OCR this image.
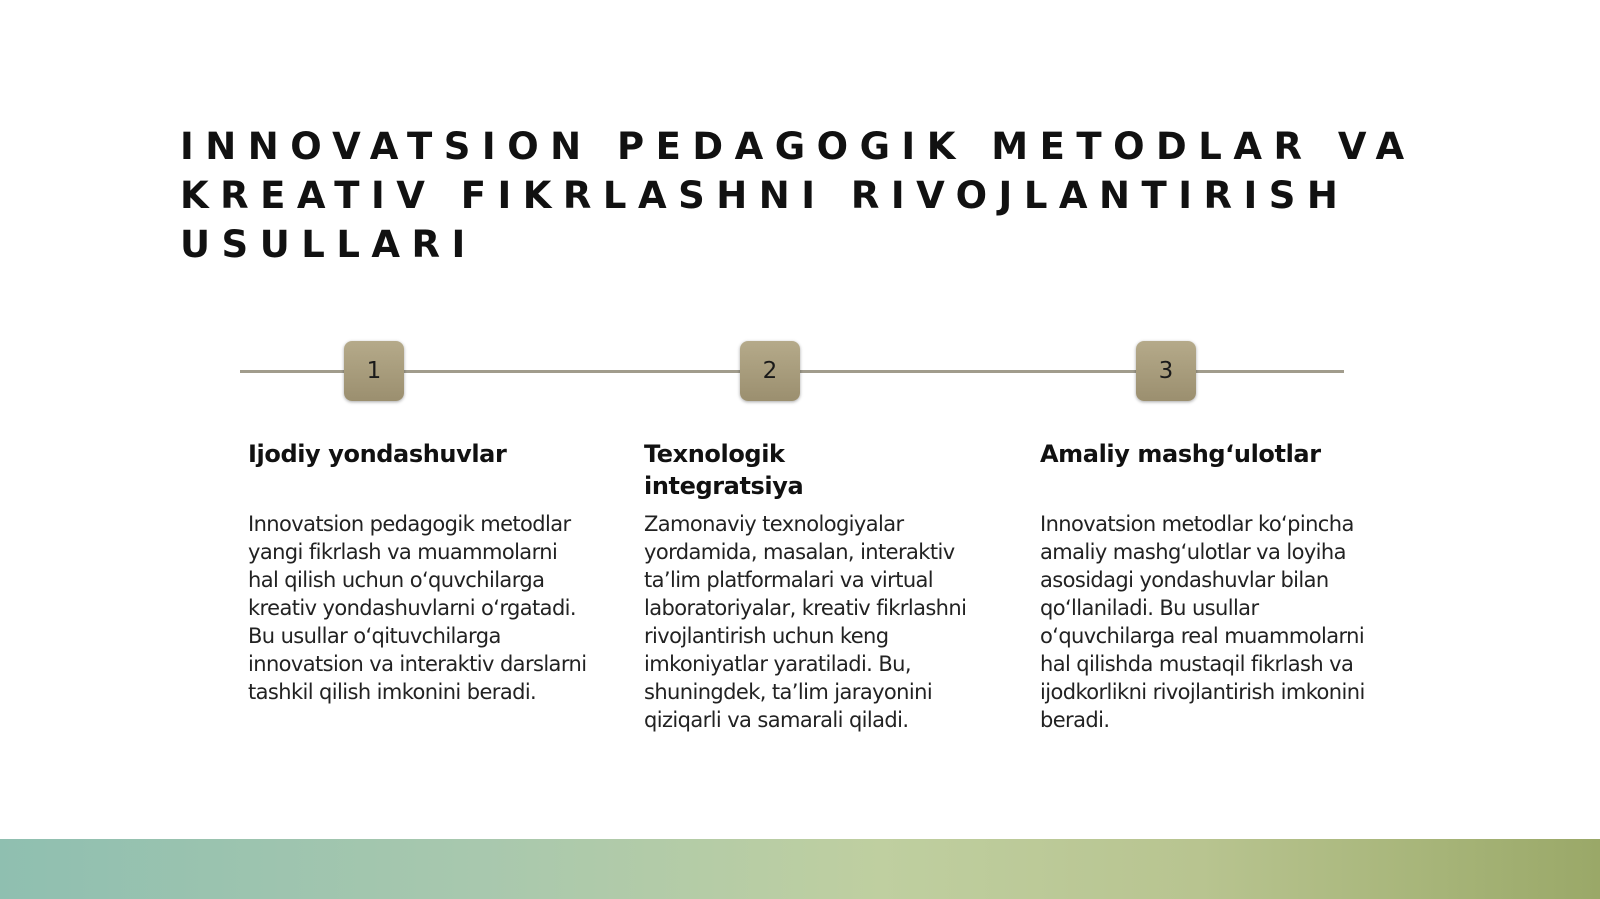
INNOVATSION PEDAGOGIK METODLAR VA KREATIV FIKRLASHNI RIVOJLANTIRISH USULLARI
1	2	3
Ijodiy yondashuvlar

Innovatsion pedagogik metodlar yangi fikrlash va muammolarni hal qilish uchun o‘quvchilarga kreativ yondashuvlarni o‘rgatadi. Bu usullar o‘qituvchilarga innovatsion va interaktiv darslarni tashkil qilish imkonini beradi.

Texnologik integratsiya

Zamonaviy texnologiyalar yordamida, masalan, interaktiv ta’lim platformalari va virtual laboratoriyalar, kreativ fikrlashni rivojlantirish uchun keng imkoniyatlar yaratiladi. Bu, shuningdek, ta’lim jarayonini qiziqarli va samarali qiladi.

Amaliy mashg‘ulotlar

Innovatsion metodlar ko‘pincha amaliy mashg‘ulotlar va loyiha asosidagi yondashuvlar bilan qo‘llaniladi. Bu usullar o‘quvchilarga real muammolarni hal qilishda mustaqil fikrlash va ijodkorlikni rivojlantirish imkonini beradi.
